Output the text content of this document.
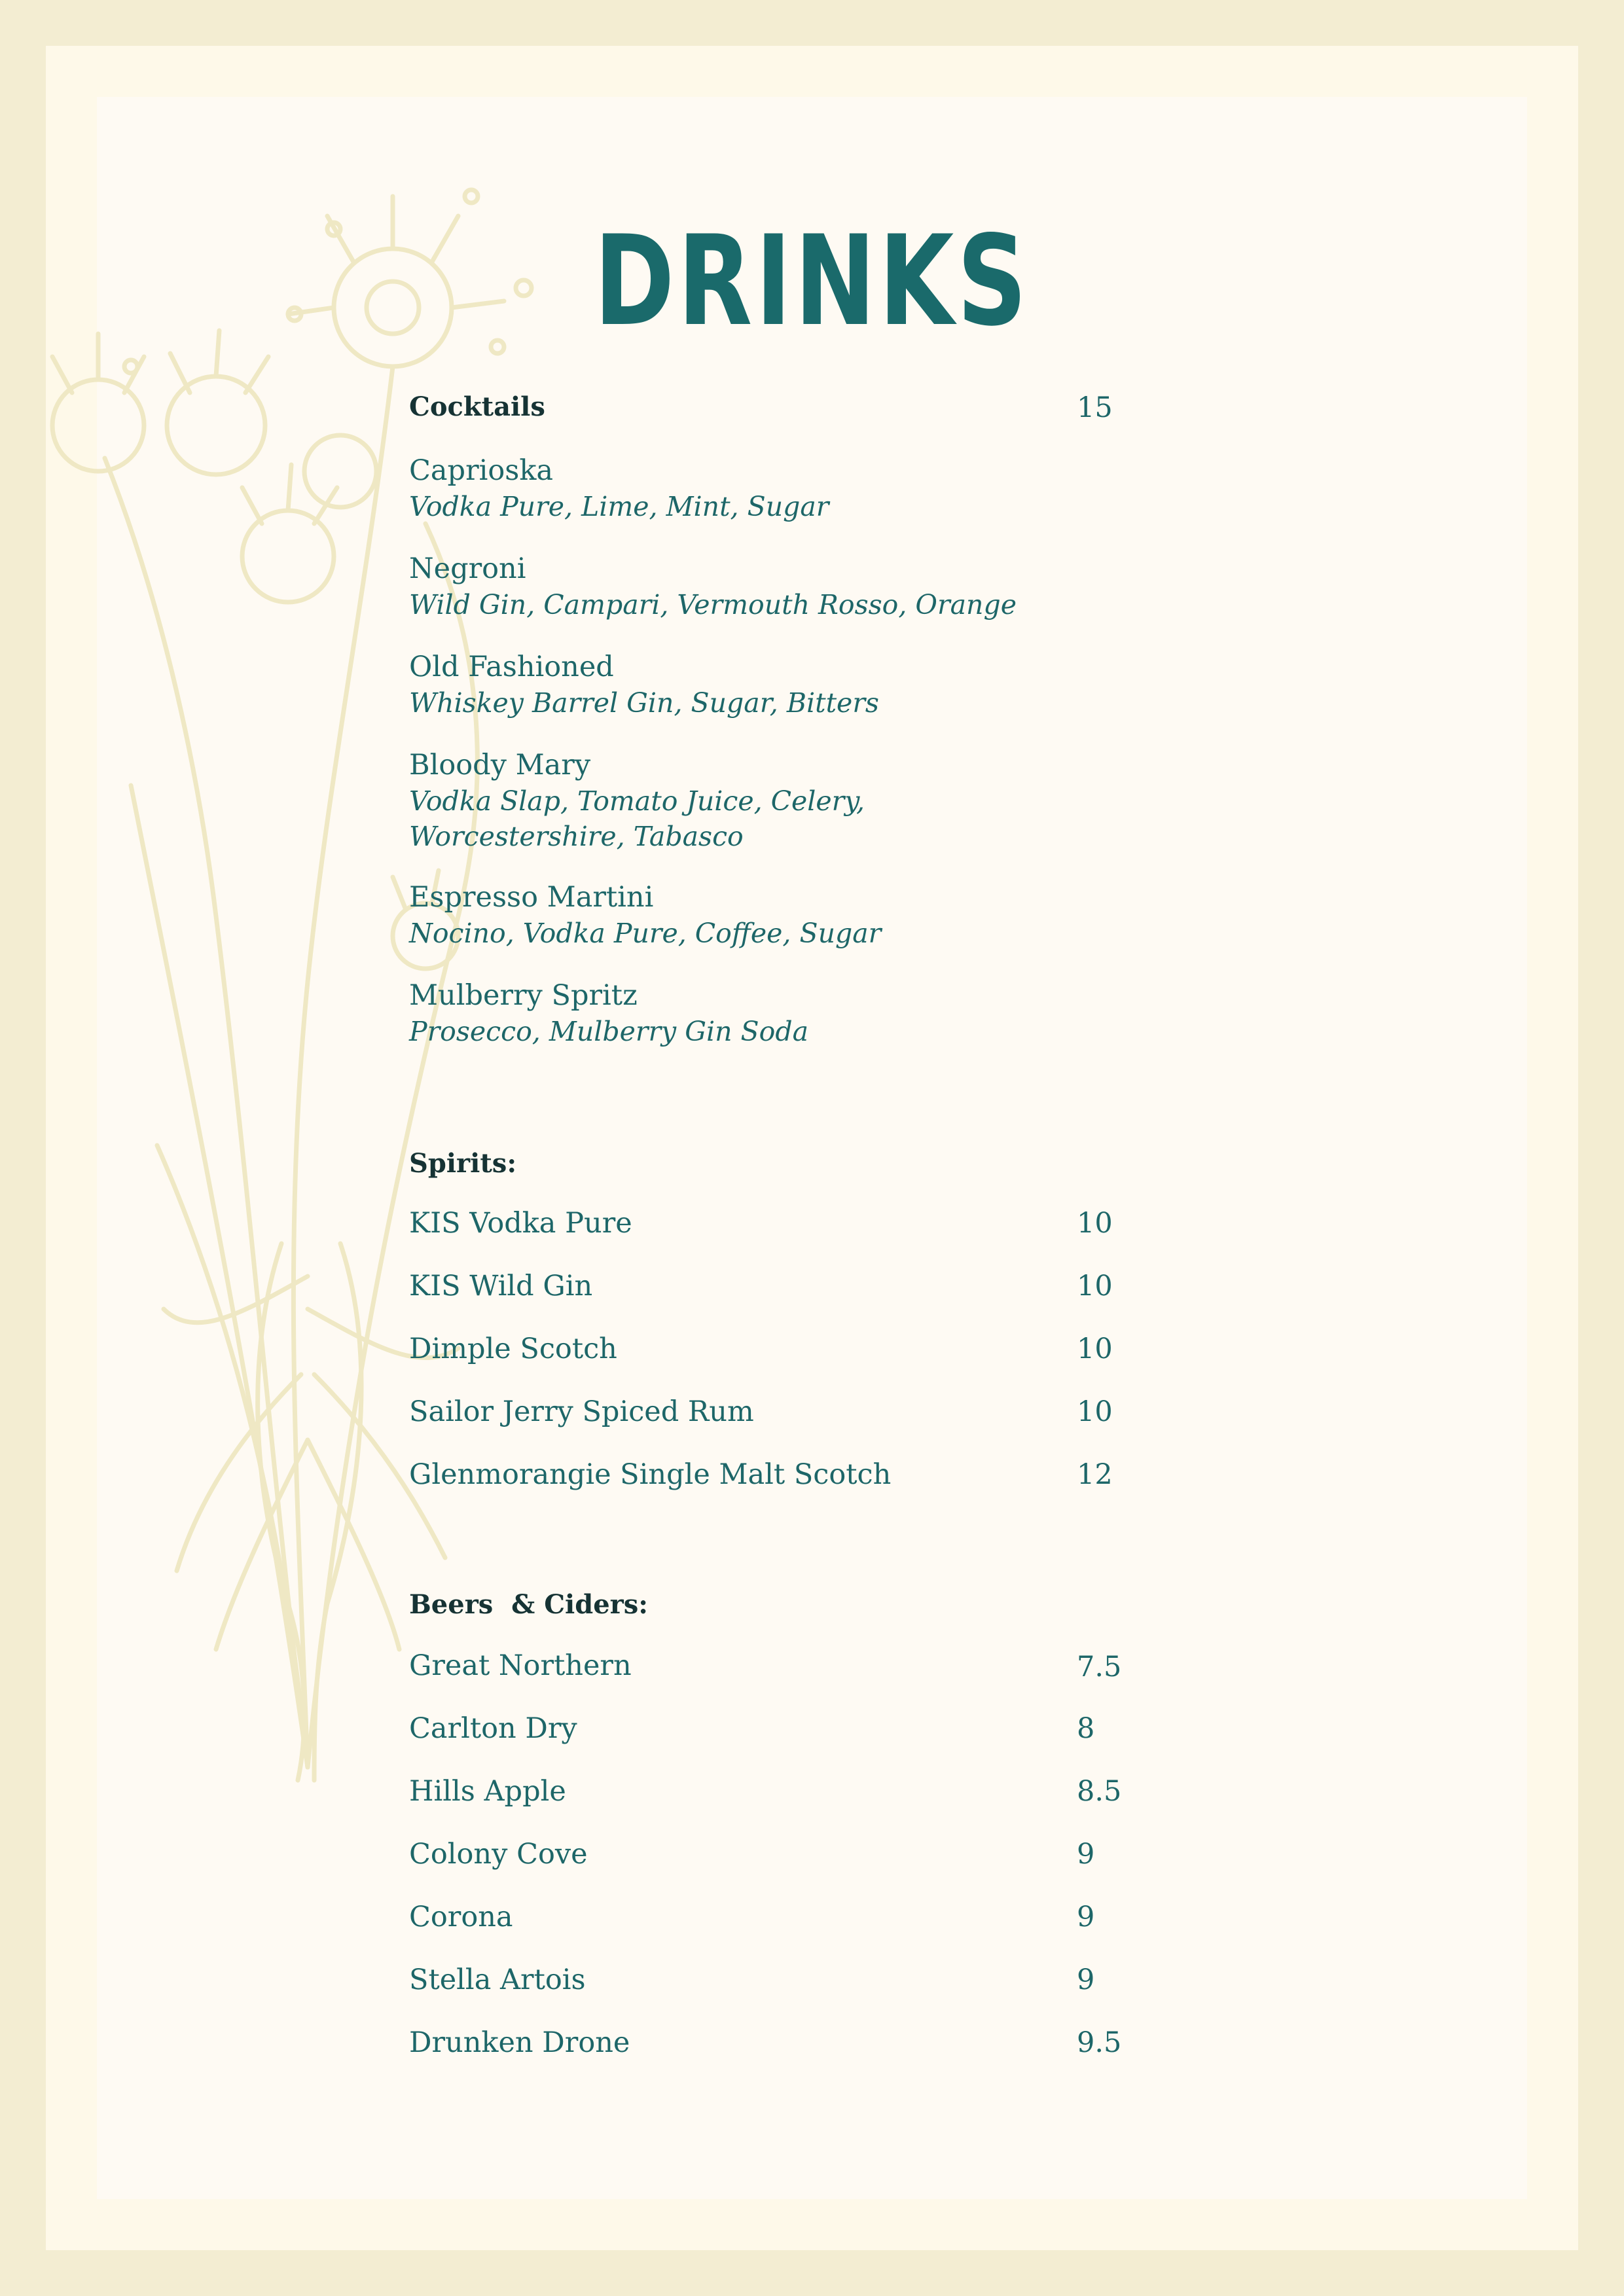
DRINKS
Cocktails	15
Caprioska
Vodka Pure, Lime, Mint, Sugar
Negroni
Wild Gin, Campari, Vermouth Rosso, Orange
Old Fashioned
Whiskey Barrel Gin, Sugar, Bitters
Bloody Mary
Vodka Slap, Tomato Juice, Celery,
Worcestershire, Tabasco
Espresso Martini
Nocino, Vodka Pure, Coffee, Sugar
Mulberry Spritz
Prosecco, Mulberry Gin Soda
Spirits:
KIS Vodka Pure	10
KIS Wild Gin	10
Dimple Scotch	10
Sailor Jerry Spiced Rum	10
Glenmorangie Single Malt Scotch	12
Beers  & Ciders:
Great Northern	7.5
Carlton Dry	8
Hills Apple	8.5
Colony Cove	9
Corona	9
Stella Artois	9
Drunken Drone	9.5
